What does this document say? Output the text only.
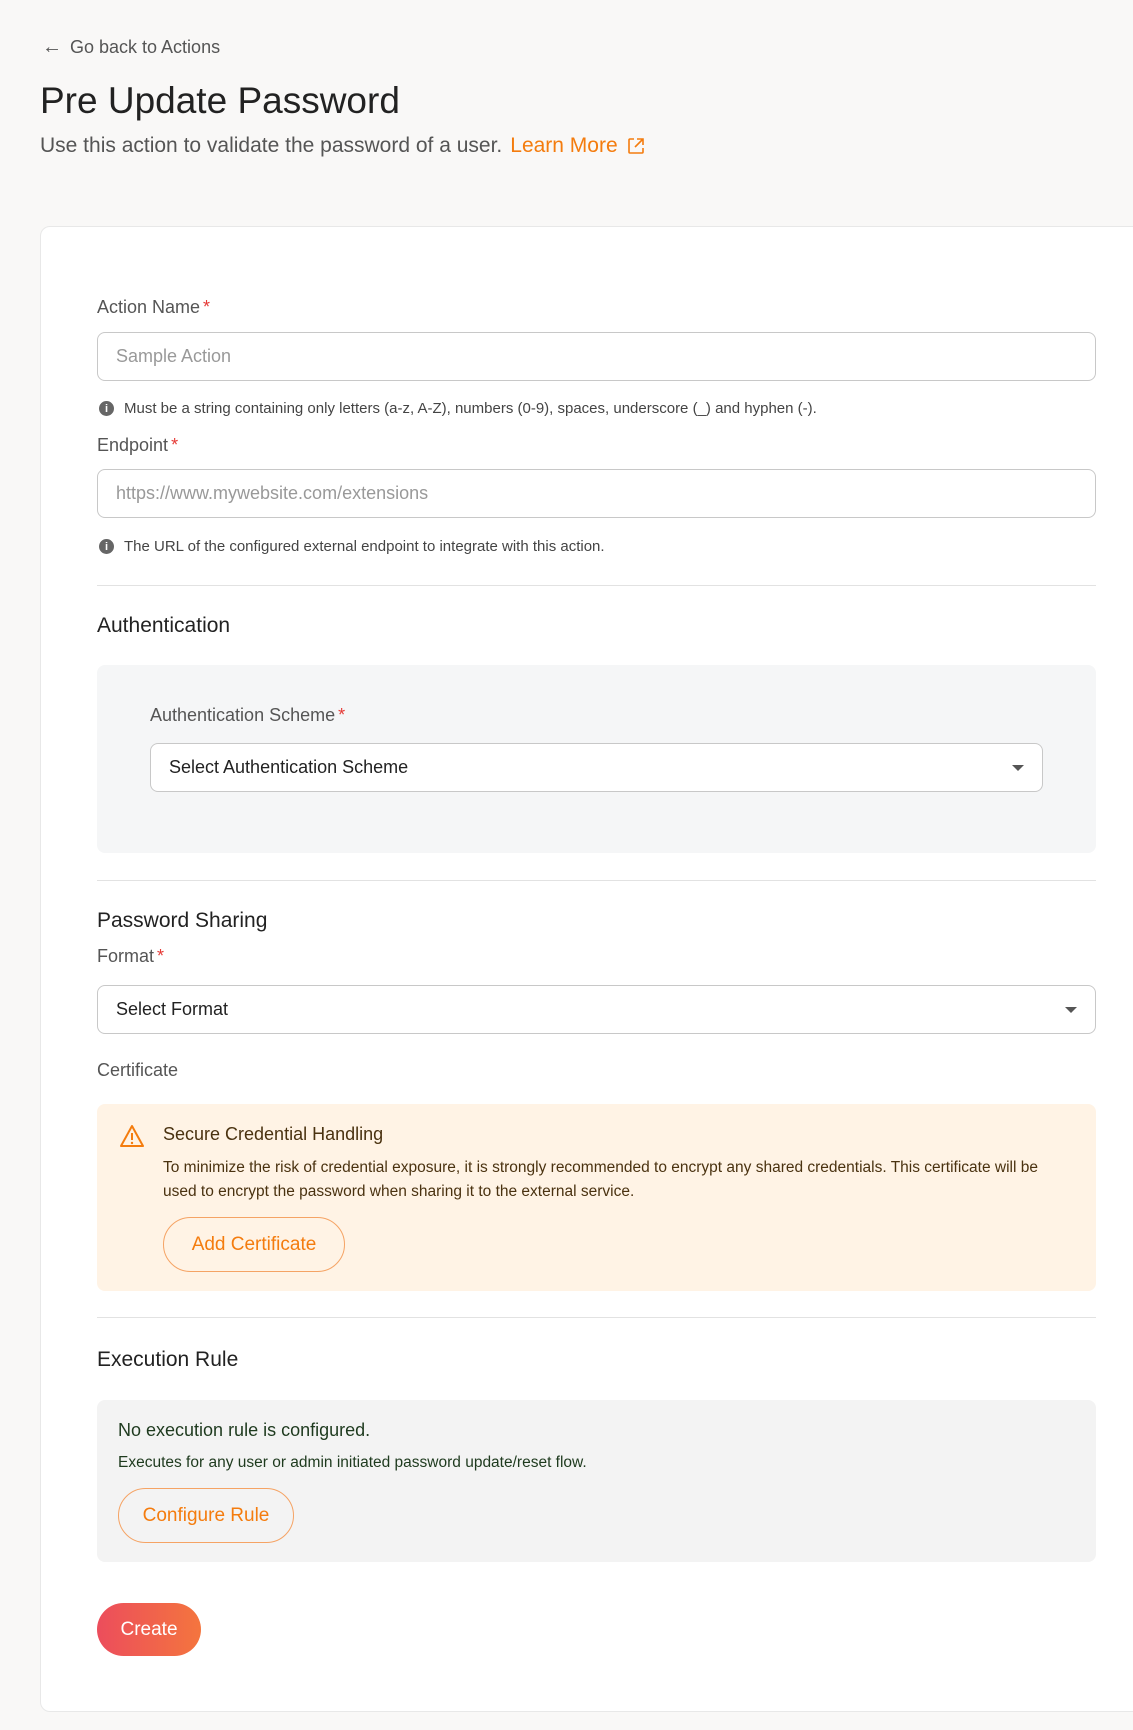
← Go back to Actions
Pre Update Password
Use this action to validate the password of a user. Learn More
Action Name *
Sample Action
i	Must be a string containing only letters (a-z, A-Z), numbers (0-9), spaces, underscore (_) and hyphen (-).
Endpoint *
https://www.mywebsite.com/extensions
i	The URL of the configured external endpoint to integrate with this action.
Authentication
Authentication Scheme *
Select Authentication Scheme
Password Sharing
Format *
Select Format
Certificate
Secure Credential Handling
To minimize the risk of credential exposure, it is strongly recommended to encrypt any shared credentials. This certificate will be used to encrypt the password when sharing it to the external service.
Add Certificate
Execution Rule
No execution rule is configured.
Executes for any user or admin initiated password update/reset flow.
Configure Rule
Create
